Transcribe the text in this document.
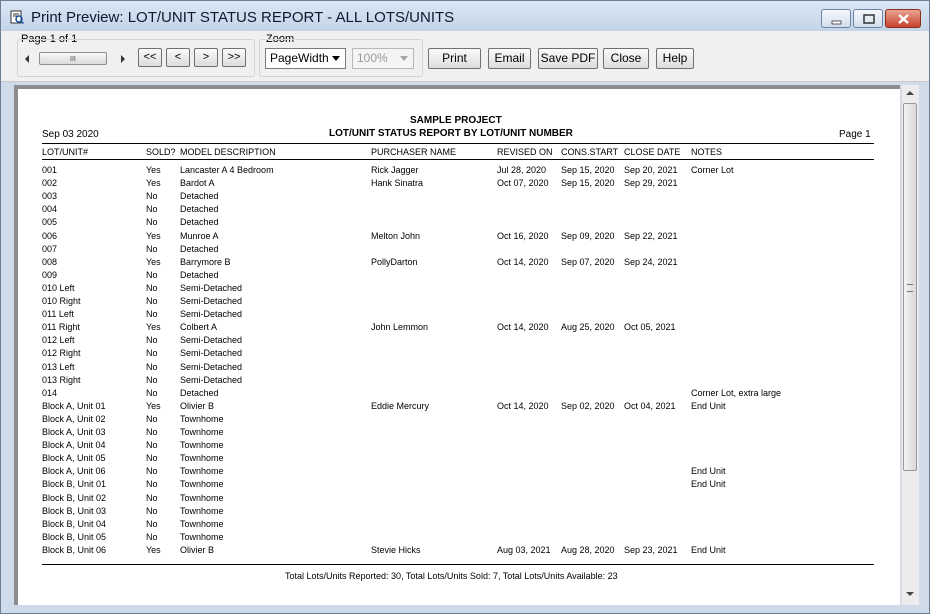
Print Preview: LOT/UNIT STATUS REPORT - ALL LOTS/UNITS
Page 1 of 1
III	<<	<	>	>>
Zoom
PageWidth	100%	Print	Email	Save PDF	Close	Help
SAMPLE PROJECT
LOT/UNIT STATUS REPORT BY LOT/UNIT NUMBER
Sep 03 2020	Page 1
LOT/UNIT#	SOLD? MODEL DESCRIPTION	PURCHASER NAME	REVISED ON CONS.START CLOSE DATE NOTES
001	Yes Lancaster A 4 Bedroom	Rick Jagger	Jul 28, 2020 Sep 15, 2020 Sep 20, 2021 Corner Lot
002	Yes Bardot A	Hank Sinatra	Oct 07, 2020 Sep 15, 2020 Sep 29, 2021
003	No Detached
004	No Detached
005	No Detached
006	Yes Munroe A	Melton John	Oct 16, 2020 Sep 09, 2020 Sep 22, 2021
007	No Detached
008	Yes Barrymore B	PollyDarton	Oct 14, 2020 Sep 07, 2020 Sep 24, 2021
009	No Detached
010 Left	No Semi-Detached
010 Right	No Semi-Detached
011 Left	No Semi-Detached
011 Right	Yes Colbert A	John Lemmon	Oct 14, 2020 Aug 25, 2020 Oct 05, 2021
012 Left	No Semi-Detached
012 Right	No Semi-Detached
013 Left	No Semi-Detached
013 Right	No Semi-Detached
014	No Detached	Corner Lot, extra large
Block A, Unit 01	Yes Olivier B	Eddie Mercury	Oct 14, 2020 Sep 02, 2020 Oct 04, 2021 End Unit
Block A, Unit 02	No Townhome
Block A, Unit 03	No Townhome
Block A, Unit 04	No Townhome
Block A, Unit 05	No Townhome
Block A, Unit 06	No Townhome	End Unit
Block B, Unit 01	No Townhome	End Unit
Block B, Unit 02	No Townhome
Block B, Unit 03	No Townhome
Block B, Unit 04	No Townhome
Block B, Unit 05	No Townhome
Block B, Unit 06	Yes Olivier B	Stevie Hicks	Aug 03, 2021 Aug 28, 2020 Sep 23, 2021 End Unit
Total Lots/Units Reported: 30, Total Lots/Units Sold: 7, Total Lots/Units Available: 23
